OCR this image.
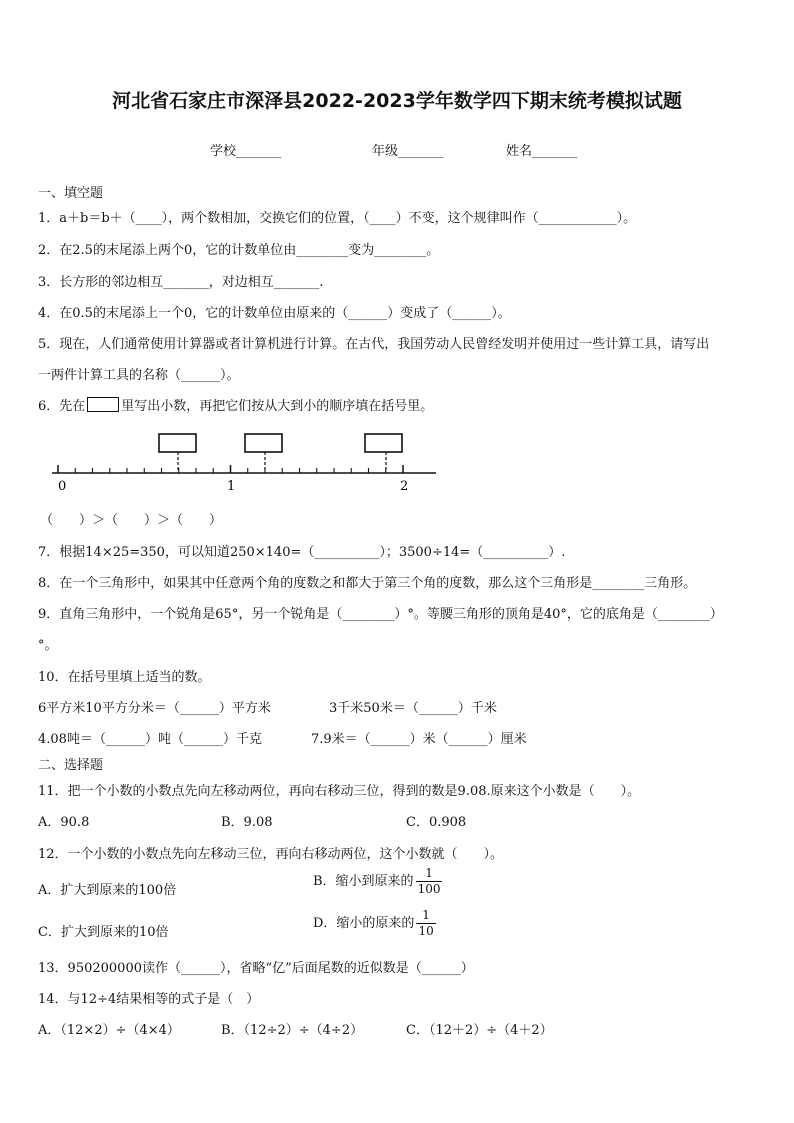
河北省石家庄市深泽县2022-2023学年数学四下期末统考模拟试题
学校_______	年级_______	姓名_______
一、填空题
1．a＋b＝b＋（____），两个数相加，交换它们的位置，（____）不变，这个规律叫作（____________）。
2．在2.5的末尾添上两个0，它的计数单位由________变为________。
3．长方形的邻边相互_______，对边相互_______.
4．在0.5的末尾添上一个0，它的计数单位由原来的（______）变成了（______）。
5．现在，人们通常使用计算器或者计算机进行计算。在古代，我国劳动人民曾经发明并使用过一些计算工具，请写出
一两件计算工具的名称（______）。
6．先在	里写出小数，再把它们按从大到小的顺序填在括号里。
0	1	2
（　　）＞（　　）＞（　　）
7．根据14×25=350，可以知道250×140=（__________）；3500÷14=（__________）.
8．在一个三角形中，如果其中任意两个角的度数之和都大于第三个角的度数，那么这个三角形是________三角形。
9．直角三角形中，一个锐角是65°，另一个锐角是（________）°。等腰三角形的顶角是40°，它的底角是（________）
°。
10．在括号里填上适当的数。
6平方米10平方分米＝（______）平方米	3千米50米＝（______）千米
4.08吨＝（______）吨（______）千克	7.9米＝（______）米（______）厘米
二、选择题
11．把一个小数的小数点先向左移动两位，再向右移动三位，得到的数是9.08.原来这个小数是（　　）。
A．90.8	B．9.08	C．0.908
12．一个小数的小数点先向左移动三位，再向右移动两位，这个小数就（　　）。
A．扩大到原来的100倍
B．缩小到原来的 $\frac{1}{100}$
C．扩大到原来的10倍
D．缩小的原来的 $\frac{1}{10}$
13．950200000读作（______），省略“亿”后面尾数的近似数是（______）
14．与12÷4结果相等的式子是（　）
A．（12×2）÷（4×4）	B．（12÷2）÷（4÷2）	C．（12＋2）÷（4＋2）
